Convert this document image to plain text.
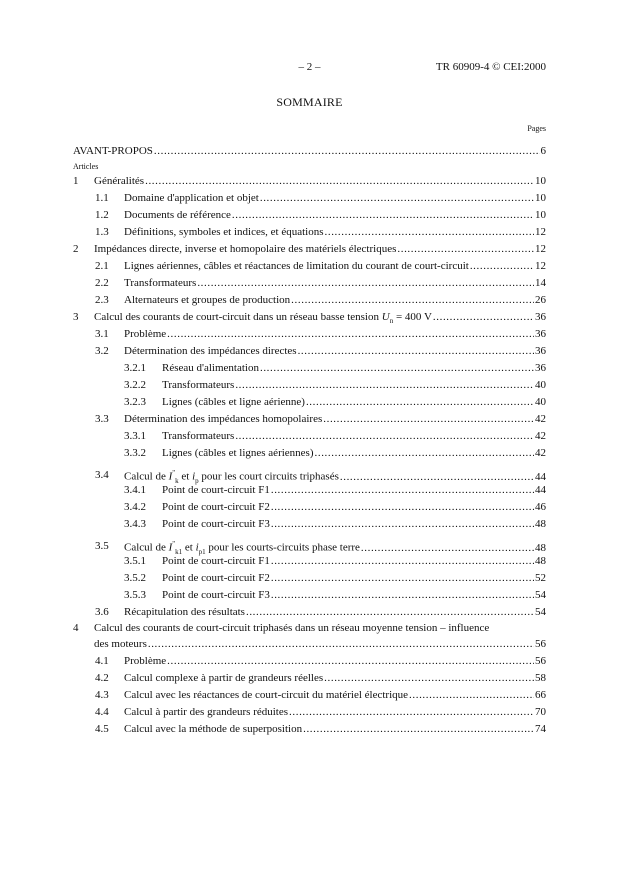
– 2 –	TR 60909-4 © CEI:2000
SOMMAIRE
Pages
AVANT-PROPOS .....	6
Articles
1 Généralités .....	10
1.1 Domaine d'application et objet .....	10
1.2 Documents de référence .....	10
1.3 Définitions, symboles et indices, et équations .....	12
2 Impédances directe, inverse et homopolaire des matériels électriques .....	12
2.1 Lignes aériennes, câbles et réactances de limitation du courant de court-circuit .....	12
2.2 Transformateurs .....	14
2.3 Alternateurs et groupes de production .....	26
3 Calcul des courants de court-circuit dans un réseau basse tension $U_n = 400$ V .....	36
3.1 Problème .....	36
3.2 Détermination des impédances directes .....	36
3.2.1 Réseau d'alimentation .....	36
3.2.2 Transformateurs .....	40
3.2.3 Lignes (câbles et ligne aérienne) .....	40
3.3 Détermination des impédances homopolaires .....	42
3.3.1 Transformateurs .....	42
3.3.2 Lignes (câbles et lignes aériennes) .....	42
3.4 Calcul de $I^"_k$ et $i_p$ pour les court circuits triphasés .....	44
3.4.1 Point de court-circuit F1 .....	44
3.4.2 Point de court-circuit F2 .....	46
3.4.3 Point de court-circuit F3 .....	48
3.5 Calcul de $I^"_{k1}$ et $i_{p1}$ pour les courts-circuits phase terre .....	48
3.5.1 Point de court-circuit F1 .....	48
3.5.2 Point de court-circuit F2 .....	52
3.5.3 Point de court-circuit F3 .....	54
3.6 Récapitulation des résultats .....	54
4 Calcul des courants de court-circuit triphasés dans un réseau moyenne tension – influence
des moteurs .....	56
4.1 Problème .....	56
4.2 Calcul complexe à partir de grandeurs réelles .....	58
4.3 Calcul avec les réactances de court-circuit du matériel électrique .....	66
4.4 Calcul à partir des grandeurs réduites .....	70
4.5 Calcul avec la méthode de superposition .....	74
